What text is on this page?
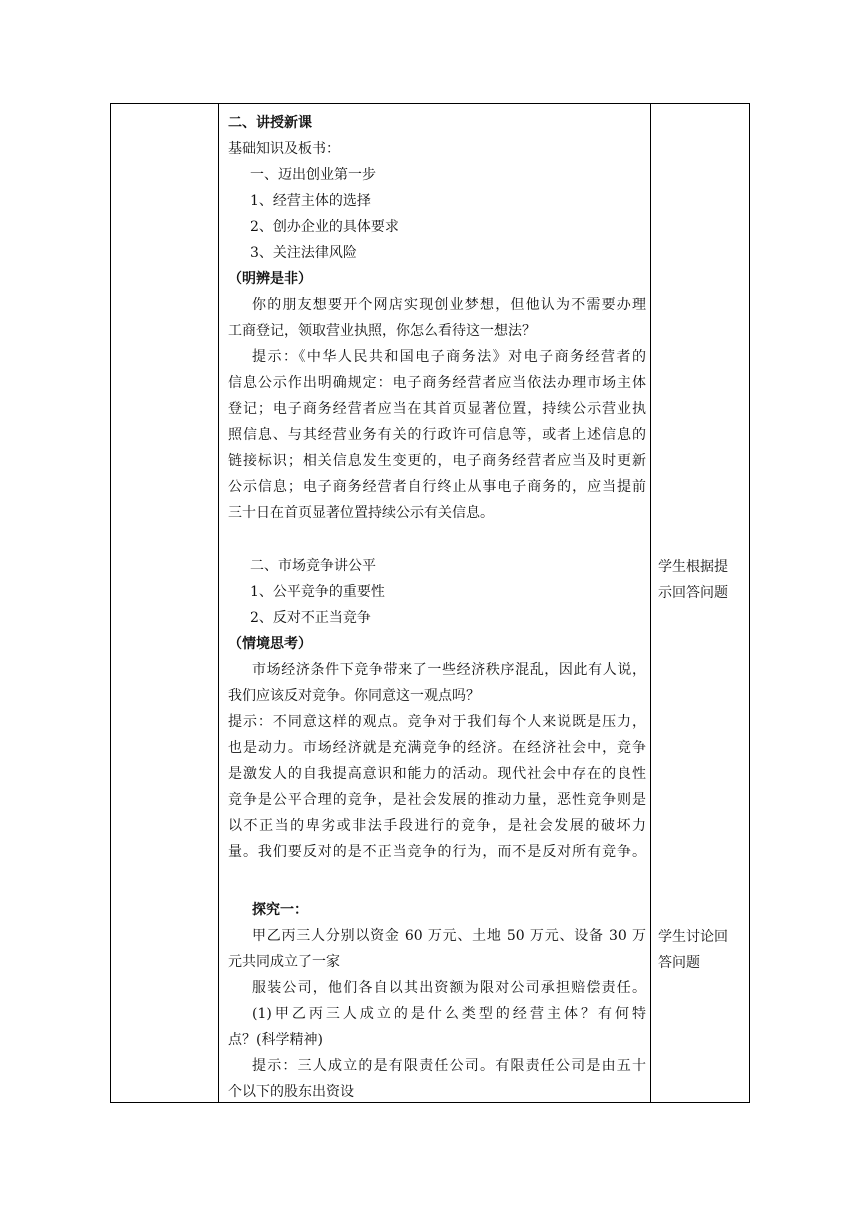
二、讲授新课
基础知识及板书：
一、迈出创业第一步
1、经营主体的选择
2、创办企业的具体要求
3、关注法律风险
（明辨是非）
你的朋友想要开个网店实现创业梦想，但他认为不需要办理
工商登记，领取营业执照，你怎么看待这一想法？
提示：《中华人民共和国电子商务法》对电子商务经营者的
信息公示作出明确规定：电子商务经营者应当依法办理市场主体
登记；电子商务经营者应当在其首页显著位置，持续公示营业执
照信息、与其经营业务有关的行政许可信息等，或者上述信息的
链接标识；相关信息发生变更的，电子商务经营者应当及时更新
公示信息；电子商务经营者自行终止从事电子商务的，应当提前
三十日在首页显著位置持续公示有关信息。
二、市场竞争讲公平
1、公平竞争的重要性
2、反对不正当竞争
（情境思考）
市场经济条件下竞争带来了一些经济秩序混乱，因此有人说，
我们应该反对竞争。你同意这一观点吗？
提示：不同意这样的观点。竞争对于我们每个人来说既是压力，
也是动力。市场经济就是充满竞争的经济。在经济社会中，竞争
是激发人的自我提高意识和能力的活动。现代社会中存在的良性
竞争是公平合理的竞争，是社会发展的推动力量，恶性竞争则是
以不正当的卑劣或非法手段进行的竞争，是社会发展的破坏力
量。我们要反对的是不正当竞争的行为，而不是反对所有竞争。
探究一：
甲乙丙三人分别以资金 60 万元、土地 50 万元、设备 30 万
元共同成立了一家
服装公司，他们各自以其出资额为限对公司承担赔偿责任。
(1)甲乙丙三人成立的是什么类型的经营主体？有何特
点？(科学精神)
提示：三人成立的是有限责任公司。有限责任公司是由五十
个以下的股东出资设
学生根据提
示回答问题
学生讨论回
答问题
